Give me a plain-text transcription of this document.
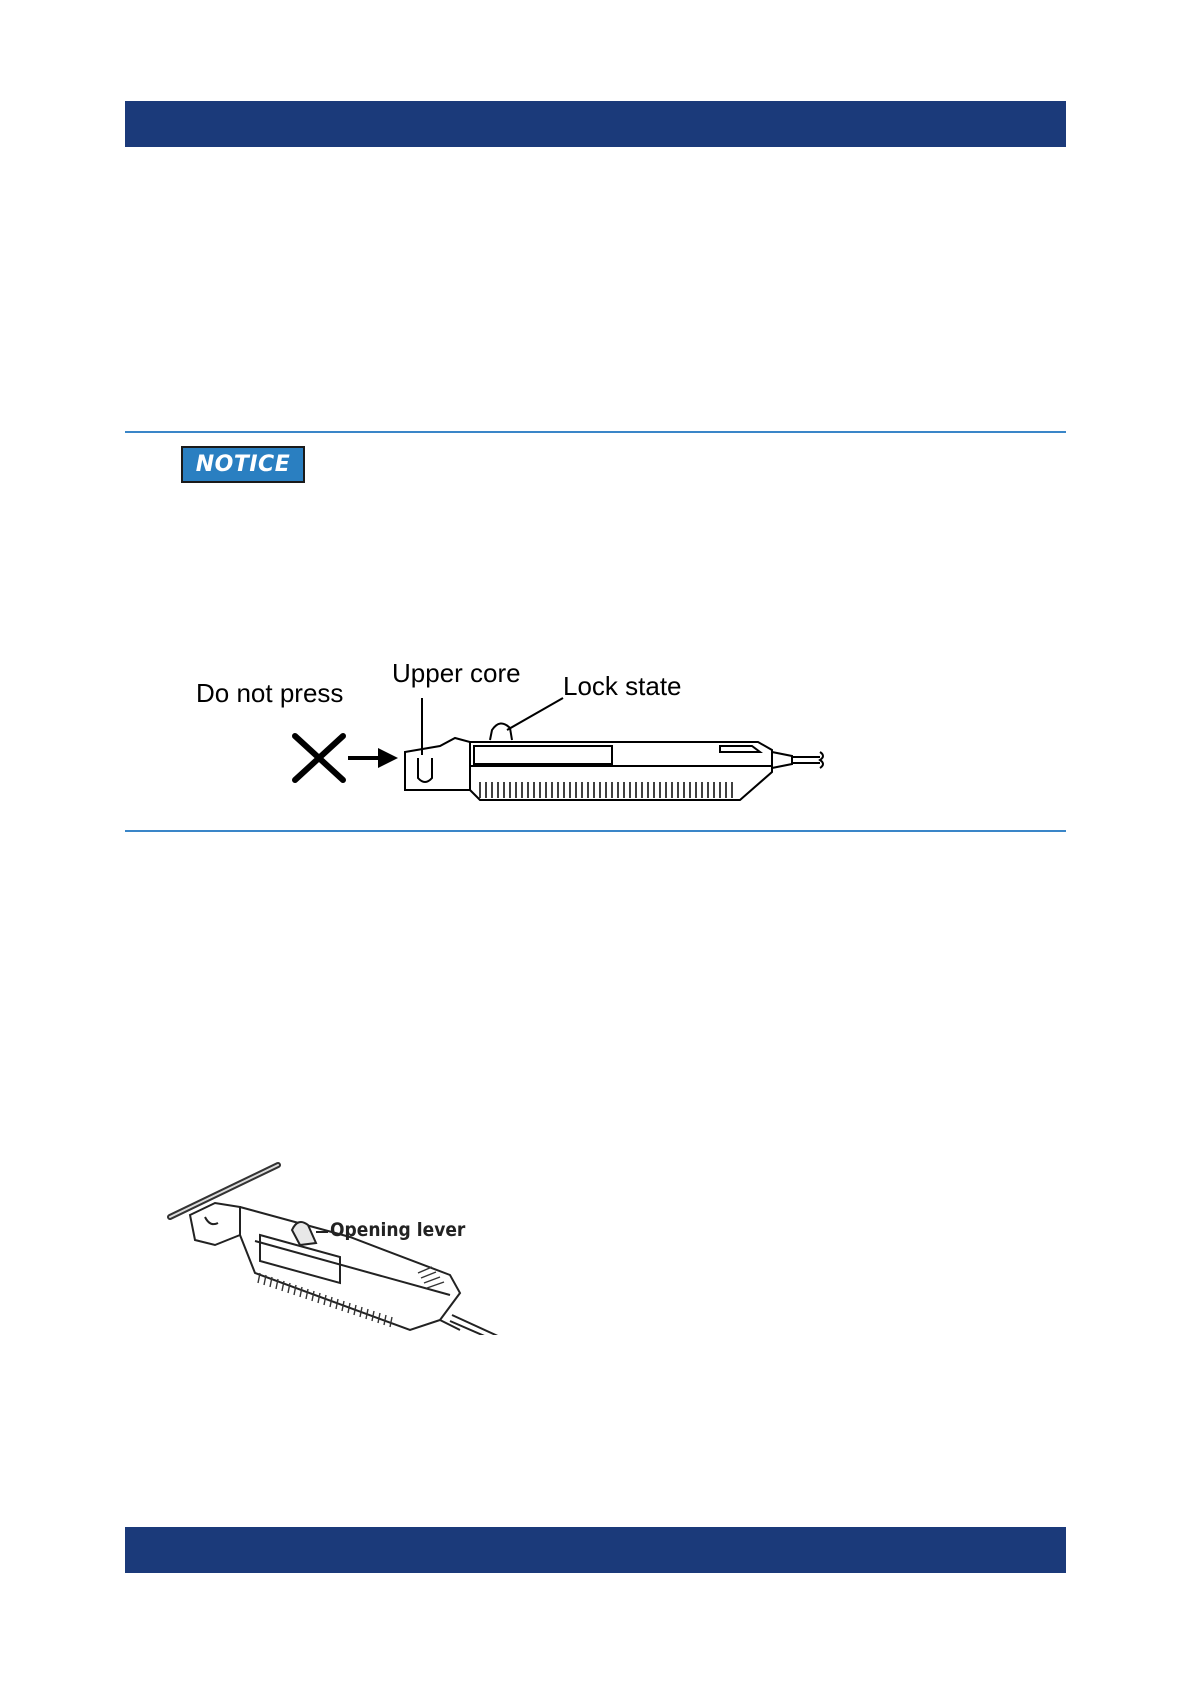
NOTICE
Do not press
Upper core Lock state
Opening lever
